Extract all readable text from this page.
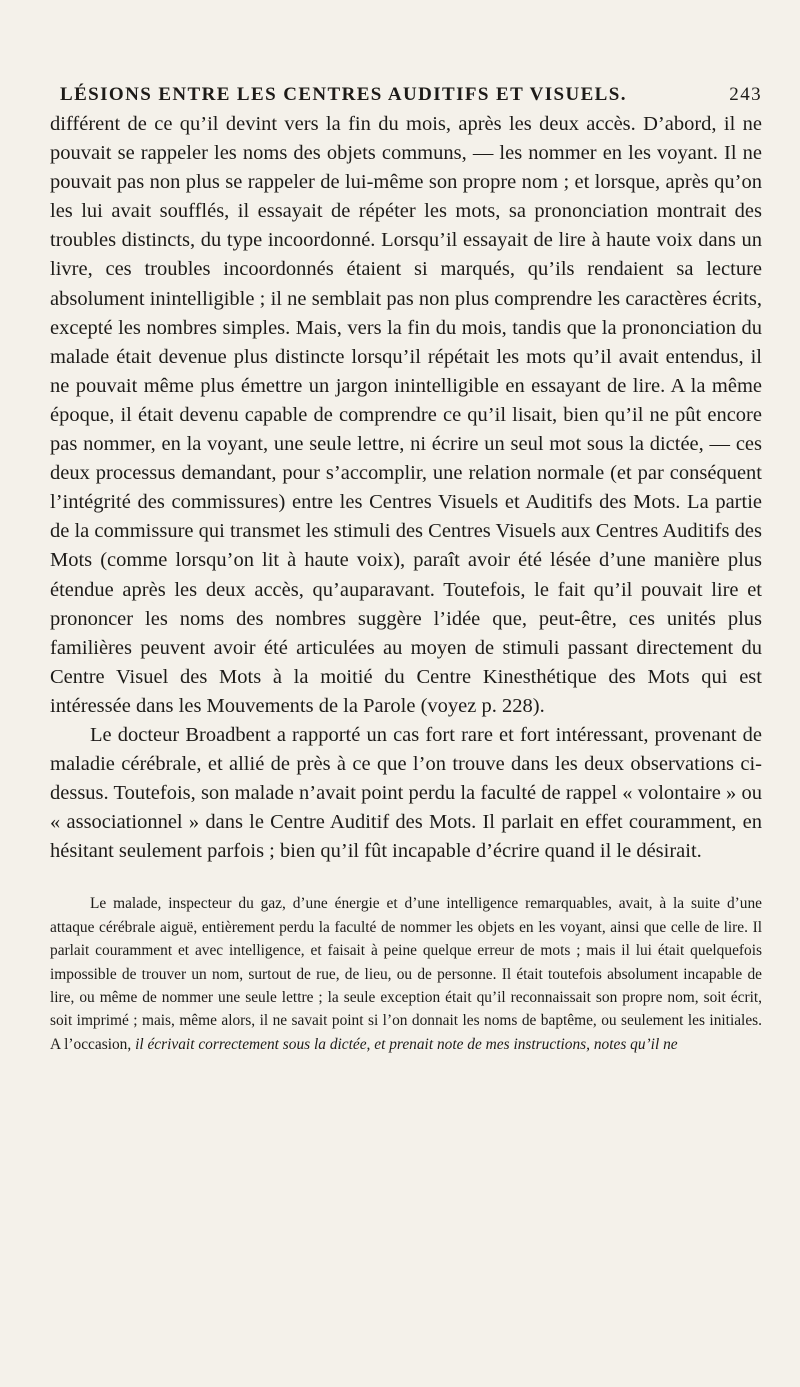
LÉSIONS ENTRE LES CENTRES AUDITIFS ET VISUELS.	243

différent de ce qu’il devint vers la fin du mois, après les deux accès. D’abord, il ne pouvait se rappeler les noms des objets communs, — les nommer en les voyant. Il ne pouvait pas non plus se rappeler de lui-même son propre nom ; et lorsque, après qu’on les lui avait soufflés, il essayait de répéter les mots, sa prononciation montrait des troubles distincts, du type incoordonné. Lorsqu’il essayait de lire à haute voix dans un livre, ces troubles incoordonnés étaient si marqués, qu’ils rendaient sa lecture absolument inintelligible ; il ne semblait pas non plus comprendre les caractères écrits, excepté les nombres simples. Mais, vers la fin du mois, tandis que la prononciation du malade était devenue plus distincte lorsqu’il répétait les mots qu’il avait entendus, il ne pouvait même plus émettre un jargon inintelligible en essayant de lire. A la même époque, il était devenu capable de comprendre ce qu’il lisait, bien qu’il ne pût encore pas nommer, en la voyant, une seule lettre, ni écrire un seul mot sous la dictée, — ces deux processus demandant, pour s’accomplir, une relation normale (et par conséquent l’intégrité des commissures) entre les Centres Visuels et Auditifs des Mots. La partie de la commissure qui transmet les stimuli des Centres Visuels aux Centres Auditifs des Mots (comme lorsqu’on lit à haute voix), paraît avoir été lésée d’une manière plus étendue après les deux accès, qu’auparavant. Toutefois, le fait qu’il pouvait lire et prononcer les noms des nombres suggère l’idée que, peut-être, ces unités plus familières peuvent avoir été articulées au moyen de stimuli passant directement du Centre Visuel des Mots à la moitié du Centre Kinesthétique des Mots qui est intéressée dans les Mouvements de la Parole (voyez p. 228).

Le docteur Broadbent a rapporté un cas fort rare et fort intéressant, provenant de maladie cérébrale, et allié de près à ce que l’on trouve dans les deux observations ci-dessus. Toutefois, son malade n’avait point perdu la faculté de rappel « volontaire » ou « associationnel » dans le Centre Auditif des Mots. Il parlait en effet couramment, en hésitant seulement parfois ; bien qu’il fût incapable d’écrire quand il le désirait.

Le malade, inspecteur du gaz, d’une énergie et d’une intelligence remarquables, avait, à la suite d’une attaque cérébrale aiguë, entièrement perdu la faculté de nommer les objets en les voyant, ainsi que celle de lire. Il parlait couramment et avec intelligence, et faisait à peine quelque erreur de mots ; mais il lui était quelquefois impossible de trouver un nom, surtout de rue, de lieu, ou de personne. Il était toutefois absolument incapable de lire, ou même de nommer une seule lettre ; la seule exception était qu’il reconnaissait son propre nom, soit écrit, soit imprimé ; mais, même alors, il ne savait point si l’on donnait les noms de baptême, ou seulement les initiales. A l’occasion, il écrivait correctement sous la dictée, et prenait note de mes instructions, notes qu’il ne
